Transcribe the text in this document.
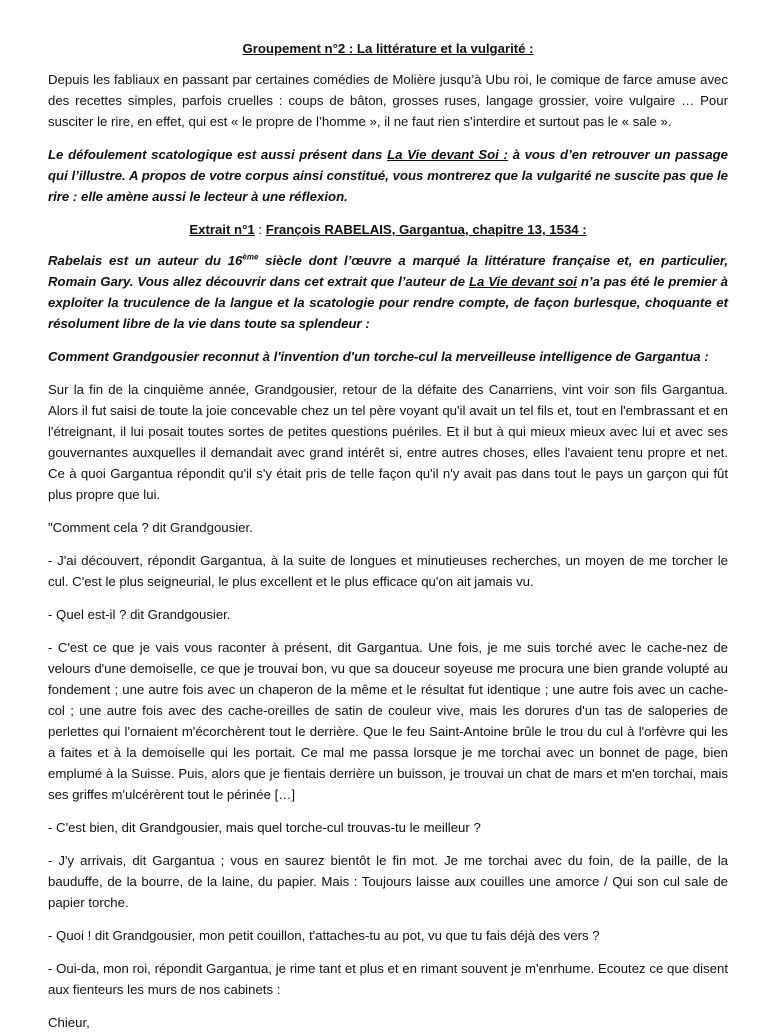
Groupement n°2 : La littérature et la vulgarité :

Depuis les fabliaux en passant par certaines comédies de Molière jusqu’à Ubu roi, le comique de farce amuse avec des recettes simples, parfois cruelles : coups de bâton, grosses ruses, langage grossier, voire vulgaire … Pour susciter le rire, en effet, qui est « le propre de l’homme », il ne faut rien s’interdire et surtout pas le « sale ».

Le défoulement scatologique est aussi présent dans La Vie devant Soi : à vous d’en retrouver un passage qui l’illustre. A propos de votre corpus ainsi constitué, vous montrerez que la vulgarité ne suscite pas que le rire : elle amène aussi le lecteur à une réflexion.

Extrait n°1 : François RABELAIS, Gargantua, chapitre 13, 1534 :

Rabelais est un auteur du 16ème siècle dont l’œuvre a marqué la littérature française et, en particulier, Romain Gary. Vous allez découvrir dans cet extrait que l’auteur de La Vie devant soi n’a pas été le premier à exploiter la truculence de la langue et la scatologie pour rendre compte, de façon burlesque, choquante et résolument libre de la vie dans toute sa splendeur :

Comment Grandgousier reconnut à l'invention d'un torche-cul la merveilleuse intelligence de Gargantua :

Sur la fin de la cinquième année, Grandgousier, retour de la défaite des Canarriens, vint voir son fils Gargantua. Alors il fut saisi de toute la joie concevable chez un tel père voyant qu'il avait un tel fils et, tout en l'embrassant et en l'étreignant, il lui posait toutes sortes de petites questions puériles. Et il but à qui mieux mieux avec lui et avec ses gouvernantes auxquelles il demandait avec grand intérêt si, entre autres choses, elles l'avaient tenu propre et net. Ce à quoi Gargantua répondit qu'il s'y était pris de telle façon qu'il n'y avait pas dans tout le pays un garçon qui fût plus propre que lui.

"Comment cela ? dit Grandgousier.

- J'ai découvert, répondit Gargantua, à la suite de longues et minutieuses recherches, un moyen de me torcher le cul. C'est le plus seigneurial, le plus excellent et le plus efficace qu'on ait jamais vu.

- Quel est-il ? dit Grandgousier.

- C'est ce que je vais vous raconter à présent, dit Gargantua. Une fois, je me suis torché avec le cache-nez de velours d'une demoiselle, ce que je trouvai bon, vu que sa douceur soyeuse me procura une bien grande volupté au fondement ; une autre fois avec un chaperon de la même et le résultat fut identique ; une autre fois avec un cache-col ; une autre fois avec des cache-oreilles de satin de couleur vive, mais les dorures d'un tas de saloperies de perlettes qui l'ornaient m'écorchèrent tout le derrière. Que le feu Saint-Antoine brûle le trou du cul à l'orfèvre qui les a faites et à la demoiselle qui les portait. Ce mal me passa lorsque je me torchai avec un bonnet de page, bien emplumé à la Suisse. Puis, alors que je fientais derrière un buisson, je trouvai un chat de mars et m'en torchai, mais ses griffes m'ulcérèrent tout le périnée […]

- C'est bien, dit Grandgousier, mais quel torche-cul trouvas-tu le meilleur ?

- J'y arrivais, dit Gargantua ; vous en saurez bientôt le fin mot. Je me torchai avec du foin, de la paille, de la bauduffe, de la bourre, de la laine, du papier. Mais : Toujours laisse aux couilles une amorce / Qui son cul sale de papier torche.

- Quoi ! dit Grandgousier, mon petit couillon, t'attaches-tu au pot, vu que tu fais déjà des vers ?

- Oui-da, mon roi, répondit Gargantua, je rime tant et plus et en rimant souvent je m'enrhume. Ecoutez ce que disent aux fienteurs les murs de nos cabinets :

Chieur,
